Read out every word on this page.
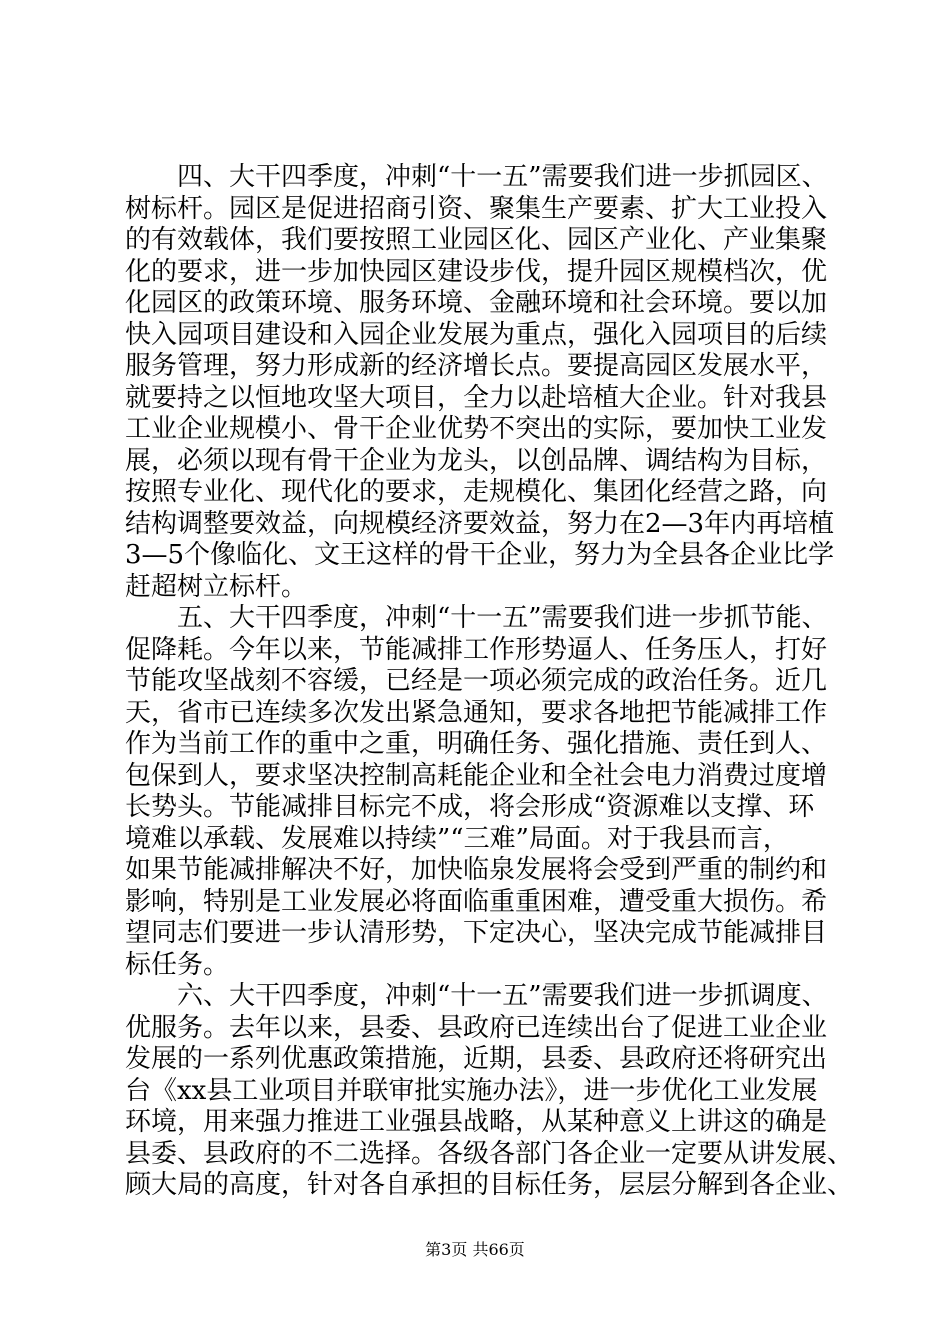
　　四、大干四季度，冲刺“十一五”需要我们进一步抓园区、
树标杆。园区是促进招商引资、聚集生产要素、扩大工业投入
的有效载体，我们要按照工业园区化、园区产业化、产业集聚
化的要求，进一步加快园区建设步伐，提升园区规模档次，优
化园区的政策环境、服务环境、金融环境和社会环境。要以加
快入园项目建设和入园企业发展为重点，强化入园项目的后续
服务管理，努力形成新的经济增长点。要提高园区发展水平，
就要持之以恒地攻坚大项目，全力以赴培植大企业。针对我县
工业企业规模小、骨干企业优势不突出的实际，要加快工业发
展，必须以现有骨干企业为龙头，以创品牌、调结构为目标，
按照专业化、现代化的要求，走规模化、集团化经营之路，向
结构调整要效益，向规模经济要效益，努力在2—3年内再培植
3—5个像临化、文王这样的骨干企业，努力为全县各企业比学
赶超树立标杆。
　　五、大干四季度，冲刺“十一五”需要我们进一步抓节能、
促降耗。今年以来，节能减排工作形势逼人、任务压人，打好
节能攻坚战刻不容缓，已经是一项必须完成的政治任务。近几
天，省市已连续多次发出紧急通知，要求各地把节能减排工作
作为当前工作的重中之重，明确任务、强化措施、责任到人、
包保到人，要求坚决控制高耗能企业和全社会电力消费过度增
长势头。节能减排目标完不成，将会形成“资源难以支撑、环
境难以承载、发展难以持续”“三难”局面。对于我县而言，
如果节能减排解决不好，加快临泉发展将会受到严重的制约和
影响，特别是工业发展必将面临重重困难，遭受重大损伤。希
望同志们要进一步认清形势，下定决心，坚决完成节能减排目
标任务。
　　六、大干四季度，冲刺“十一五”需要我们进一步抓调度、
优服务。去年以来，县委、县政府已连续出台了促进工业企业
发展的一系列优惠政策措施，近期，县委、县政府还将研究出
台《xx县工业项目并联审批实施办法》，进一步优化工业发展
环境，用来强力推进工业强县战略，从某种意义上讲这的确是
县委、县政府的不二选择。各级各部门各企业一定要从讲发展、
顾大局的高度，针对各自承担的目标任务，层层分解到各企业、
第3页 共66页
